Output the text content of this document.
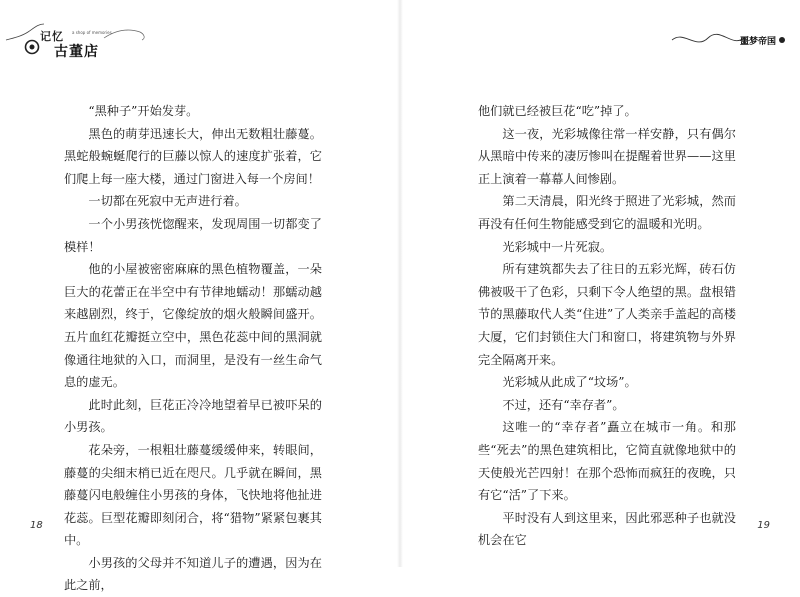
记忆 a shop of memories
古董店

“黑种子”开始发芽。

黑色的萌芽迅速长大，伸出无数粗壮藤蔓。黑蛇般蜿蜒爬行的巨藤以惊人的速度扩张着，它们爬上每一座大楼，通过门窗进入每一个房间！

一切都在死寂中无声进行着。

一个小男孩恍惚醒来，发现周围一切都变了模样！

他的小屋被密密麻麻的黑色植物覆盖，一朵巨大的花蕾正在半空中有节律地蠕动！那蠕动越来越剧烈，终于，它像绽放的烟火般瞬间盛开。五片血红花瓣挺立空中，黑色花蕊中间的黑洞就像通往地狱的入口，而洞里，是没有一丝生命气息的虚无。

此时此刻，巨花正冷冷地望着早已被吓呆的小男孩。

花朵旁，一根粗壮藤蔓缓缓伸来，转眼间，藤蔓的尖细末梢已近在咫尺。几乎就在瞬间，黑藤蔓闪电般缠住小男孩的身体，飞快地将他扯进花蕊。巨型花瓣即刻闭合，将“猎物”紧紧包裹其中。

小男孩的父母并不知道儿子的遭遇，因为在此之前，

18
噩梦帝国

他们就已经被巨花“吃”掉了。

这一夜，光彩城像往常一样安静，只有偶尔从黑暗中传来的凄厉惨叫在提醒着世界——这里正上演着一幕幕人间惨剧。

第二天清晨，阳光终于照进了光彩城，然而再没有任何生物能感受到它的温暖和光明。

光彩城中一片死寂。

所有建筑都失去了往日的五彩光辉，砖石仿佛被吸干了色彩，只剩下令人绝望的黑。盘根错节的黑藤取代人类“住进”了人类亲手盖起的高楼大厦，它们封锁住大门和窗口，将建筑物与外界完全隔离开来。

光彩城从此成了“坟场”。

不过，还有“幸存者”。

这唯一的“幸存者”矗立在城市一角。和那些“死去”的黑色建筑相比，它简直就像地狱中的天使般光芒四射！在那个恐怖而疯狂的夜晚，只有它“活”了下来。

平时没有人到这里来，因此邪恶种子也就没机会在它

19
